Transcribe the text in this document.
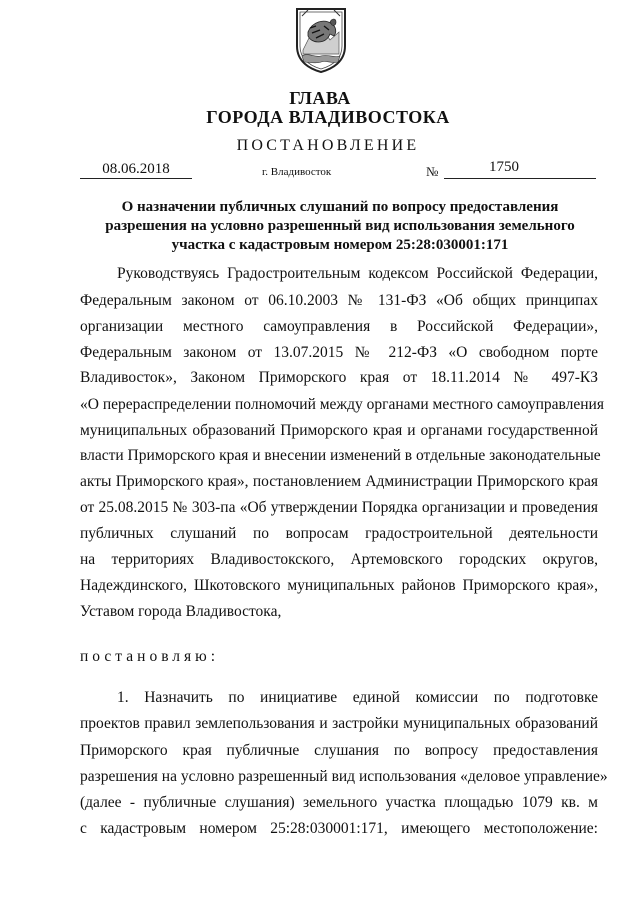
ГЛАВА
ГОРОДА ВЛАДИВОСТОКА
ПОСТАНОВЛЕНИЕ
08.06.2018	г. Владивосток	№	1750
О назначении публичных слушаний по вопросу предоставления
разрешения на условно разрешенный вид использования земельного
участка с кадастровым номером 25:28:030001:171
Руководствуясь Градостроительным кодексом Российской Федерации,
Федеральным законом от 06.10.2003 № 131-ФЗ «Об общих принципах
организации местного самоуправления в Российской Федерации»,
Федеральным законом от 13.07.2015 № 212-ФЗ «О свободном порте
Владивосток», Законом Приморского края от 18.11.2014 № 497-КЗ
«О перераспределении полномочий между органами местного самоуправления
муниципальных образований Приморского края и органами государственной
власти Приморского края и внесении изменений в отдельные законодательные
акты Приморского края», постановлением Администрации Приморского края
от 25.08.2015 № 303-па «Об утверждении Порядка организации и проведения
публичных слушаний по вопросам градостроительной деятельности
на территориях Владивостокского, Артемовского городских округов,
Надеждинского, Шкотовского муниципальных районов Приморского края»,
Уставом города Владивостока,
постановляю:
1. Назначить по инициативе единой комиссии по подготовке
проектов правил землепользования и застройки муниципальных образований
Приморского края публичные слушания по вопросу предоставления
разрешения на условно разрешенный вид использования «деловое управление»
(далее - публичные слушания) земельного участка площадью 1079 кв. м
с кадастровым номером 25:28:030001:171, имеющего местоположение:
